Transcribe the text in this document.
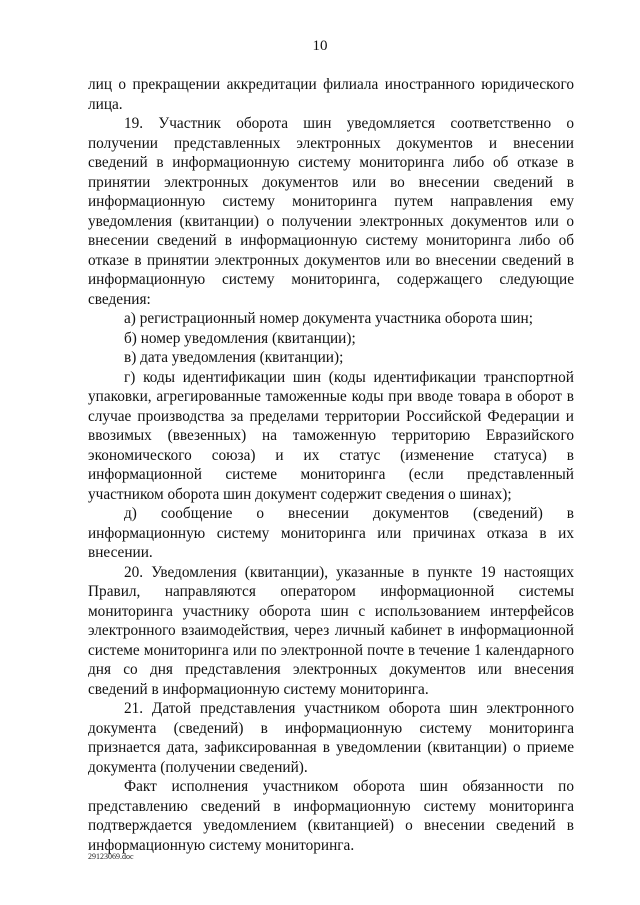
10

лиц о прекращении аккредитации филиала иностранного юридического лица.

19. Участник оборота шин уведомляется соответственно о получении представленных электронных документов и внесении сведений в информационную систему мониторинга либо об отказе в принятии электронных документов или во внесении сведений в информационную систему мониторинга путем направления ему уведомления (квитанции) о получении электронных документов или о внесении сведений в информационную систему мониторинга либо об отказе в принятии электронных документов или во внесении сведений в информационную систему мониторинга, содержащего следующие сведения:

а) регистрационный номер документа участника оборота шин;

б) номер уведомления (квитанции);

в) дата уведомления (квитанции);

г) коды идентификации шин (коды идентификации транспортной упаковки, агрегированные таможенные коды при вводе товара в оборот в случае производства за пределами территории Российской Федерации и ввозимых (ввезенных) на таможенную территорию Евразийского экономического союза) и их статус (изменение статуса) в информационной системе мониторинга (если представленный участником оборота шин документ содержит сведения о шинах);

д) сообщение о внесении документов (сведений) в информационную систему мониторинга или причинах отказа в их внесении.

20. Уведомления (квитанции), указанные в пункте 19 настоящих Правил, направляются оператором информационной системы мониторинга участнику оборота шин с использованием интерфейсов электронного взаимодействия, через личный кабинет в информационной системе мониторинга или по электронной почте в течение 1 календарного дня со дня представления электронных документов или внесения сведений в информационную систему мониторинга.

21. Датой представления участником оборота шин электронного документа (сведений) в информационную систему мониторинга признается дата, зафиксированная в уведомлении (квитанции) о приеме документа (получении сведений).

Факт исполнения участником оборота шин обязанности по представлению сведений в информационную систему мониторинга подтверждается уведомлением (квитанцией) о внесении сведений в информационную систему мониторинга.

29123069.doc
